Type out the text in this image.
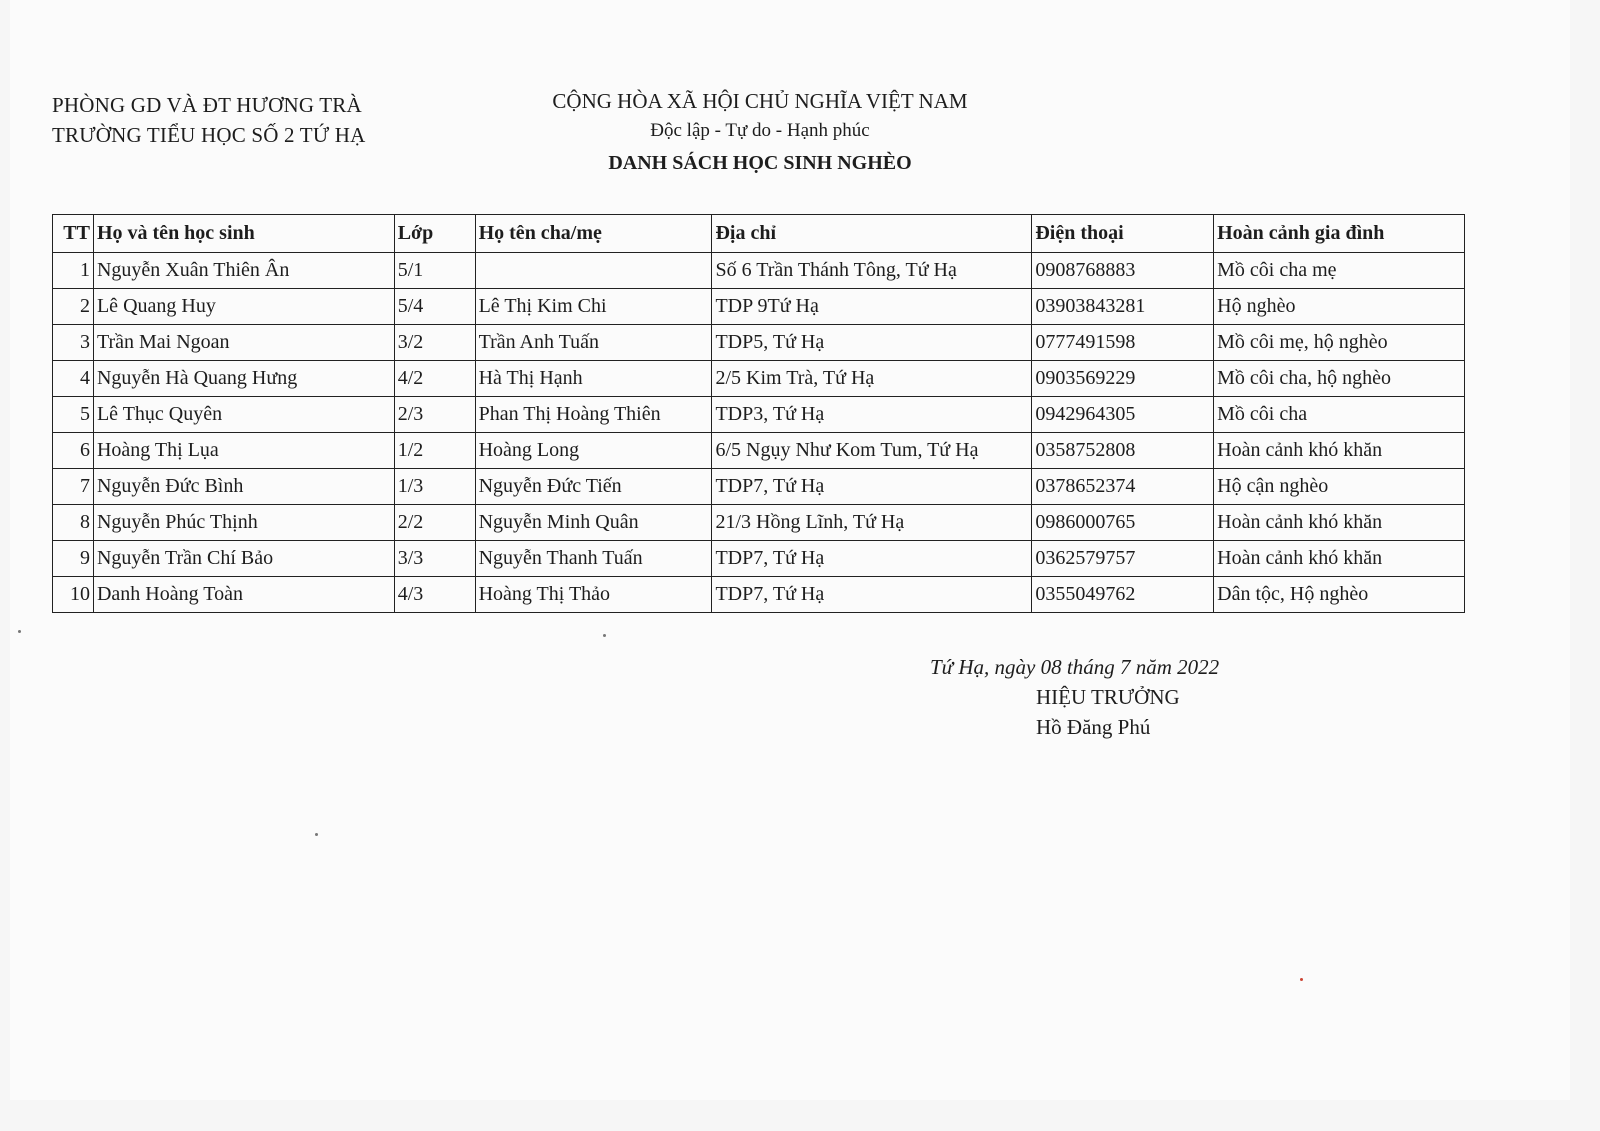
PHÒNG GD VÀ ĐT HƯƠNG TRÀ
TRƯỜNG TIỂU HỌC SỐ 2 TỨ HẠ
CỘNG HÒA XÃ HỘI CHỦ NGHĨA VIỆT NAM
Độc lập - Tự do - Hạnh phúc
DANH SÁCH HỌC SINH NGHÈO
TT	Họ và tên học sinh	Lớp	Họ tên cha/mẹ	Địa chỉ	Điện thoại	Hoàn cảnh gia đình
1	Nguyễn Xuân Thiên Ân	5/1		Số 6 Trần Thánh Tông, Tứ Hạ	0908768883	Mồ côi cha mẹ
2	Lê Quang Huy	5/4	Lê Thị Kim Chi	TDP 9Tứ Hạ	03903843281	Hộ nghèo
3	Trần Mai Ngoan	3/2	Trần Anh Tuấn	TDP5, Tứ Hạ	0777491598	Mồ côi mẹ, hộ nghèo
4	Nguyễn Hà Quang Hưng	4/2	Hà Thị Hạnh	2/5 Kim Trà, Tứ Hạ	0903569229	Mồ côi cha, hộ nghèo
5	Lê Thục Quyên	2/3	Phan Thị Hoàng Thiên	TDP3, Tứ Hạ	0942964305	Mồ côi cha
6	Hoàng Thị Lụa	1/2	Hoàng Long	6/5 Ngụy Như Kom Tum, Tứ Hạ	0358752808	Hoàn cảnh khó khăn
7	Nguyễn Đức Bình	1/3	Nguyễn Đức Tiến	TDP7, Tứ Hạ	0378652374	Hộ cận nghèo
8	Nguyễn Phúc Thịnh	2/2	Nguyễn Minh Quân	21/3 Hồng Lĩnh, Tứ Hạ	0986000765	Hoàn cảnh khó khăn
9	Nguyễn Trần Chí Bảo	3/3	Nguyễn Thanh Tuấn	TDP7, Tứ Hạ	0362579757	Hoàn cảnh khó khăn
10	Danh Hoàng Toàn	4/3	Hoàng Thị Thảo	TDP7, Tứ Hạ	0355049762	Dân tộc, Hộ nghèo
Tứ Hạ, ngày 08 tháng 7 năm 2022
HIỆU TRƯỞNG
Hồ Đăng Phú
